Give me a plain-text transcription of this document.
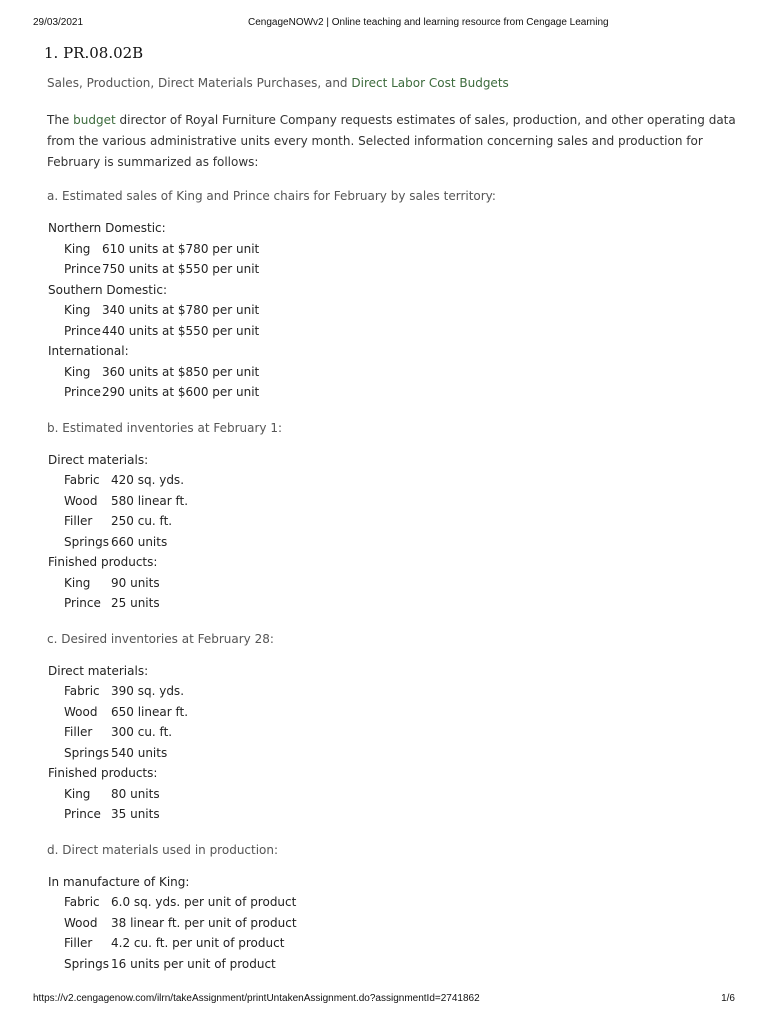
29/03/2021	CengageNOWv2 | Online teaching and learning resource from Cengage Learning
1. PR.08.02B
Sales, Production, Direct Materials Purchases, and Direct Labor Cost Budgets
The budget director of Royal Furniture Company requests estimates of sales, production, and other operating data from the various administrative units every month. Selected information concerning sales and production for February is summarized as follows:
a. Estimated sales of King and Prince chairs for February by sales territory:
Northern Domestic:
King 610 units at $780 per unit
Prince750 units at $550 per unit
Southern Domestic:
King 340 units at $780 per unit
Prince440 units at $550 per unit
International:
King 360 units at $850 per unit
Prince290 units at $600 per unit
b. Estimated inventories at February 1:
Direct materials:
Fabric 420 sq. yds.
Wood 580 linear ft.
Filler 250 cu. ft.
Springs 660 units
Finished products:
King 90 units
Prince 25 units
c. Desired inventories at February 28:
Direct materials:
Fabric 390 sq. yds.
Wood 650 linear ft.
Filler 300 cu. ft.
Springs 540 units
Finished products:
King 80 units
Prince 35 units
d. Direct materials used in production:
In manufacture of King:
Fabric 6.0 sq. yds. per unit of product
Wood 38 linear ft. per unit of product
Filler 4.2 cu. ft. per unit of product
Springs 16 units per unit of product
https://v2.cengagenow.com/ilrn/takeAssignment/printUntakenAssignment.do?assignmentId=2741862	1/6
